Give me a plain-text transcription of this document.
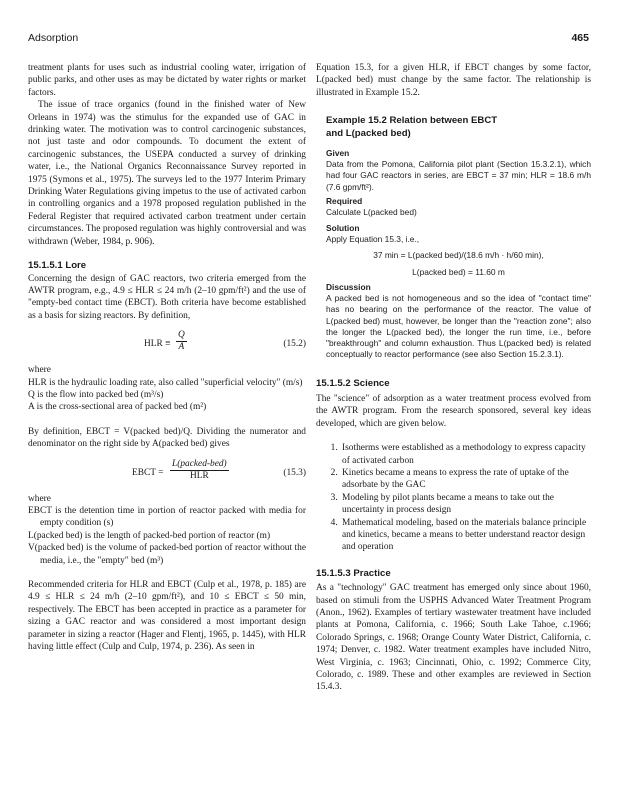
Adsorption	465

treatment plants for uses such as industrial cooling water, irrigation of public parks, and other uses as may be dictated by water rights or market factors.

The issue of trace organics (found in the finished water of New Orleans in 1974) was the stimulus for the expanded use of GAC in drinking water. The motivation was to control carcinogenic substances, not just taste and odor compounds. To document the extent of carcinogenic substances, the USEPA conducted a survey of drinking water, i.e., the National Organics Reconnaissance Survey reported in 1975 (Symons et al., 1975). The surveys led to the 1977 Interim Primary Drinking Water Regulations giving impetus to the use of activated carbon in controlling organics and a 1978 proposed regulation published in the Federal Register that required activated carbon treatment under certain circumstances. The proposed regulation was highly controversial and was withdrawn (Weber, 1984, p. 906).

15.1.5.1 Lore

Concerning the design of GAC reactors, two criteria emerged from the AWTR program, e.g., 4.9 ≤ HLR ≤ 24 m/h (2–10 gpm/ft²) and the use of "empty-bed contact time (EBCT). Both criteria have become established as a basis for sizing reactors. By definition,

HLR ≡ $\frac{Q}{A}$	(15.2)

where

HLR is the hydraulic loading rate, also called "superficial velocity" (m/s)

Q is the flow into packed bed (m³/s)

A is the cross-sectional area of packed bed (m²)

By definition, EBCT = V(packed bed)/Q. Dividing the numerator and denominator on the right side by A(packed bed) gives

EBCT =
L(packed-bed)
HLR	(15.3)

where

EBCT is the detention time in portion of reactor packed with media for empty condition (s)

L(packed bed) is the length of packed-bed portion of reactor (m)

V(packed bed) is the volume of packed-bed portion of reactor without the media, i.e., the "empty" bed (m³)

Recommended criteria for HLR and EBCT (Culp et al., 1978, p. 185) are 4.9 ≤ HLR ≤ 24 m/h (2–10 gpm/ft²), and 10 ≤ EBCT ≤ 50 min, respectively. The EBCT has been accepted in practice as a parameter for sizing a GAC reactor and was considered a most important design parameter in sizing a reactor (Hager and Flentj, 1965, p. 1445), with HLR having little effect (Culp and Culp, 1974, p. 236). As seen in

Equation 15.3, for a given HLR, if EBCT changes by some factor, L(packed bed) must change by the same factor. The relationship is illustrated in Example 15.2.

Example 15.2 Relation between EBCT
and L(packed bed)
Given

Data from the Pomona, California pilot plant (Section 15.3.2.1), which had four GAC reactors in series, are EBCT = 37 min; HLR = 18.6 m/h (7.6 gpm/ft²).

Required

Calculate L(packed bed)

Solution

Apply Equation 15.3, i.e.,

37 min = L(packed bed)/(18.6 m/h · h/60 min),
L(packed bed) = 11.60 m
Discussion

A packed bed is not homogeneous and so the idea of "contact time" has no bearing on the performance of the reactor. The value of L(packed bed) must, however, be longer than the "reaction zone"; also the longer the L(packed bed), the longer the run time, i.e., before "breakthrough" and column exhaustion. Thus L(packed bed) is related conceptually to reactor performance (see also Section 15.2.3.1).

15.1.5.2 Science

The "science" of adsorption as a water treatment process evolved from the AWTR program. From the research sponsored, several key ideas developed, which are given below.

1. Isotherms were established as a methodology to express capacity of activated carbon
2. Kinetics became a means to express the rate of uptake of the adsorbate by the GAC
3. Modeling by pilot plants became a means to take out the uncertainty in process design
4. Mathematical modeling, based on the materials balance principle and kinetics, became a means to better understand reactor design and operation
15.1.5.3 Practice

As a "technology" GAC treatment has emerged only since about 1960, based on stimuli from the USPHS Advanced Water Treatment Program (Anon., 1962). Examples of tertiary wastewater treatment have included plants at Pomona, California, c. 1966; South Lake Tahoe, c.1966; Colorado Springs, c. 1968; Orange County Water District, California, c. 1974; Denver, c. 1982. Water treatment examples have included Nitro, West Virginia, c. 1963; Cincinnati, Ohio, c. 1992; Commerce City, Colorado, c. 1989. These and other examples are reviewed in Section 15.4.3.
